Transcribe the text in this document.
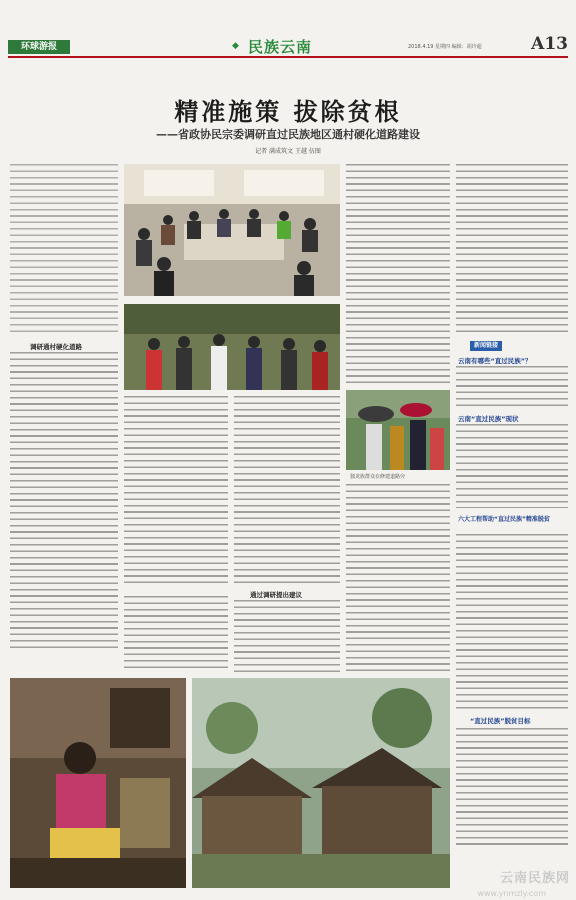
环球游报	◆ 民族云南	2018.4.19 星期四 编辑：胡玲超	A13
精准施策 拔除贫根
——省政协民宗委调研直过民族地区通村硬化道路建设
记者 满成筑文 王越 伍图
调研通村硬化道路
独龙族群众在修建道路旁
新闻链接
云南有哪些“直过民族”？
云南“直过民族”现状
六大工程帮助“直过民族”精准脱贫
“直过民族”脱贫目标
通过调研提出建议
云南民族网
www.ynmzly.com
